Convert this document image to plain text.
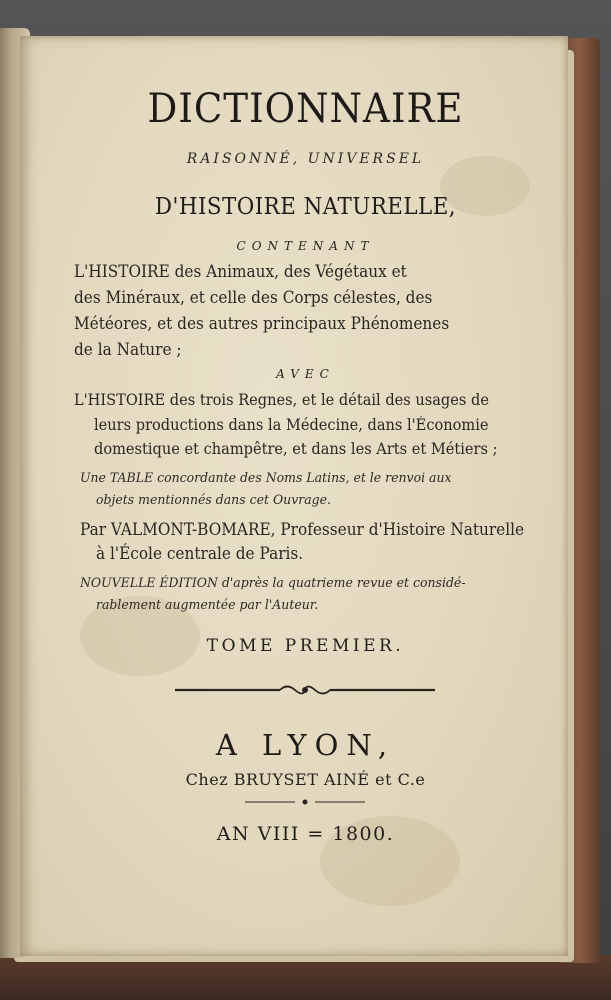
DICTIONNAIRE
RAISONNÉ, UNIVERSEL
D'HISTOIRE NATURELLE,
CONTENANT
L'HISTOIRE des Animaux, des Végétaux et
des Minéraux, et celle des Corps célestes, des
Météores, et des autres principaux Phénomenes
de la Nature ;
AVEC
L'HISTOIRE des trois Regnes, et le détail des usages de
leurs productions dans la Médecine, dans l'Économie
domestique et champêtre, et dans les Arts et Métiers ;
Une TABLE concordante des Noms Latins, et le renvoi aux
objets mentionnés dans cet Ouvrage.
Par VALMONT-BOMARE, Professeur d'Histoire Naturelle
à l'École centrale de Paris.
NOUVELLE ÉDITION d'après la quatrieme revue et considé-
rablement augmentée par l'Auteur.
TOME PREMIER.
A LYON,
Chez BRUYSET AINÉ et C.e
AN VIII = 1800.
